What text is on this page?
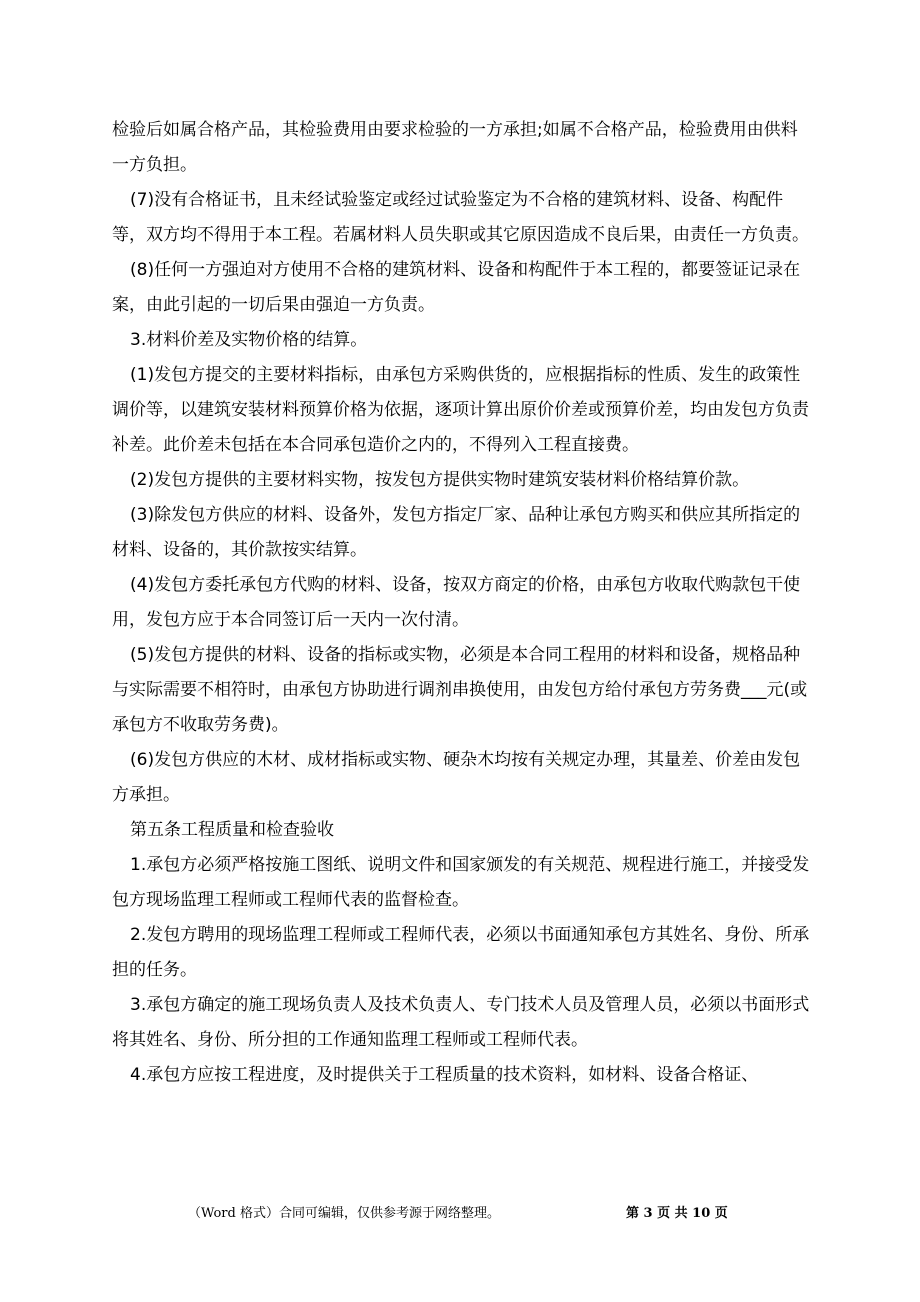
检验后如属合格产品，其检验费用由要求检验的一方承担;如属不合格产品，检验费用由供料一方负担。

(7)没有合格证书，且未经试验鉴定或经过试验鉴定为不合格的建筑材料、设备、构配件等，双方均不得用于本工程。若属材料人员失职或其它原因造成不良后果，由责任一方负责。

(8)任何一方强迫对方使用不合格的建筑材料、设备和构配件于本工程的，都要签证记录在案，由此引起的一切后果由强迫一方负责。

3.材料价差及实物价格的结算。

(1)发包方提交的主要材料指标，由承包方采购供货的，应根据指标的性质、发生的政策性调价等，以建筑安装材料预算价格为依据，逐项计算出原价价差或预算价差，均由发包方负责补差。此价差未包括在本合同承包造价之内的，不得列入工程直接费。

(2)发包方提供的主要材料实物，按发包方提供实物时建筑安装材料价格结算价款。

(3)除发包方供应的材料、设备外，发包方指定厂家、品种让承包方购买和供应其所指定的材料、设备的，其价款按实结算。

(4)发包方委托承包方代购的材料、设备，按双方商定的价格，由承包方收取代购款包干使用，发包方应于本合同签订后一天内一次付清。

(5)发包方提供的材料、设备的指标或实物，必须是本合同工程用的材料和设备，规格品种与实际需要不相符时，由承包方协助进行调剂串换使用，由发包方给付承包方劳务费___元(或承包方不收取劳务费)。

(6)发包方供应的木材、成材指标或实物、硬杂木均按有关规定办理，其量差、价差由发包方承担。

第五条工程质量和检查验收

1.承包方必须严格按施工图纸、说明文件和国家颁发的有关规范、规程进行施工，并接受发包方现场监理工程师或工程师代表的监督检查。

2.发包方聘用的现场监理工程师或工程师代表，必须以书面通知承包方其姓名、身份、所承担的任务。

3.承包方确定的施工现场负责人及技术负责人、专门技术人员及管理人员，必须以书面形式将其姓名、身份、所分担的工作通知监理工程师或工程师代表。

4.承包方应按工程进度，及时提供关于工程质量的技术资料，如材料、设备合格证、

（Word 格式）合同可编辑，仅供参考源于网络整理。	第 3 页 共 10 页
